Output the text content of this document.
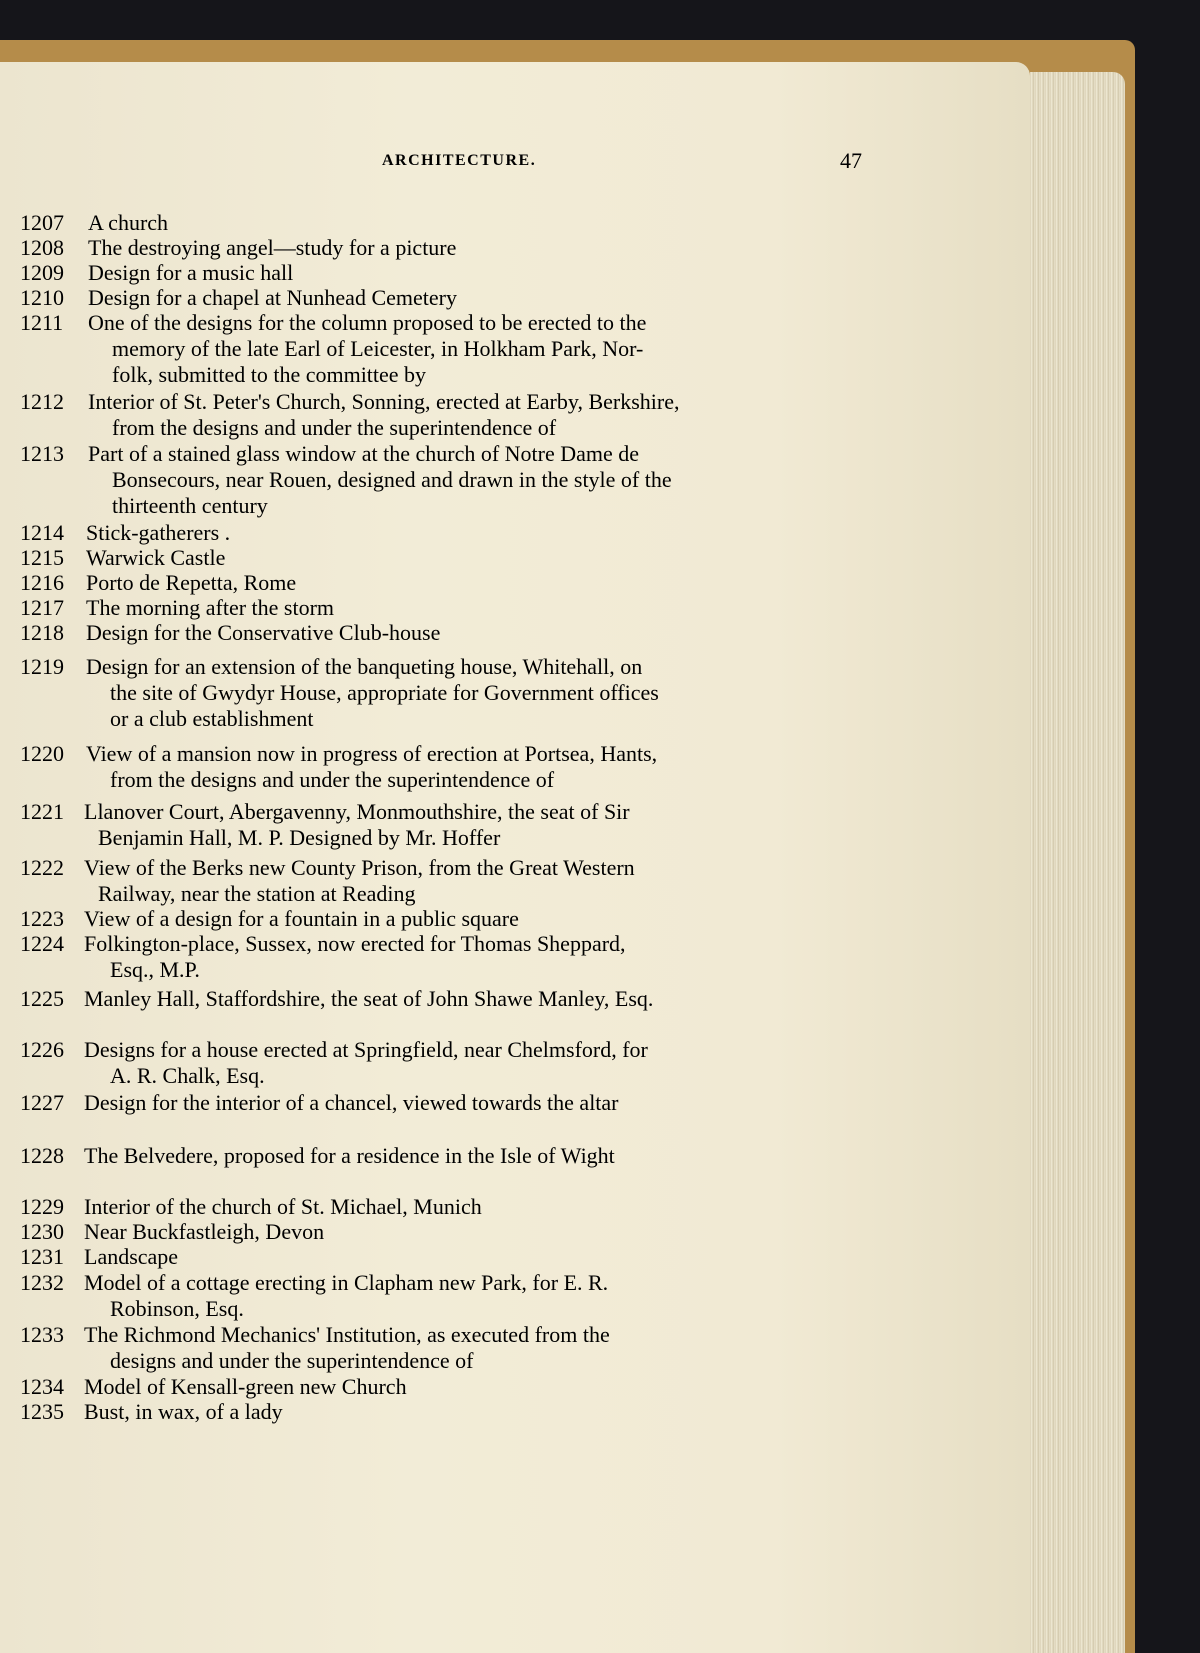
ARCHITECTURE.	47
1207 A church
1208 The destroying angel—study for a picture
1209 Design for a music hall
1210 Design for a chapel at Nunhead Cemetery
1211 One of the designs for the column proposed to be erected to the
memory of the late Earl of Leicester, in Holkham Park, Nor-
folk, submitted to the committee by
1212 Interior of St. Peter's Church, Sonning, erected at Earby, Berkshire,
from the designs and under the superintendence of
1213 Part of a stained glass window at the church of Notre Dame de
Bonsecours, near Rouen, designed and drawn in the style of the
thirteenth century
1214 Stick-gatherers .
1215 Warwick Castle
1216 Porto de Repetta, Rome
1217 The morning after the storm
1218 Design for the Conservative Club-house
1219 Design for an extension of the banqueting house, Whitehall, on
the site of Gwydyr House, appropriate for Government offices
or a club establishment
1220 View of a mansion now in progress of erection at Portsea, Hants,
from the designs and under the superintendence of
1221 Llanover Court, Abergavenny, Monmouthshire, the seat of Sir
Benjamin Hall, M. P. Designed by Mr. Hoffer
1222 View of the Berks new County Prison, from the Great Western
Railway, near the station at Reading
1223 View of a design for a fountain in a public square
1224 Folkington-place, Sussex, now erected for Thomas Sheppard,
Esq., M.P.
1225 Manley Hall, Staffordshire, the seat of John Shawe Manley, Esq.
1226 Designs for a house erected at Springfield, near Chelmsford, for
A. R. Chalk, Esq.
1227 Design for the interior of a chancel, viewed towards the altar
1228 The Belvedere, proposed for a residence in the Isle of Wight
1229 Interior of the church of St. Michael, Munich
1230 Near Buckfastleigh, Devon
1231 Landscape
1232 Model of a cottage erecting in Clapham new Park, for E. R.
Robinson, Esq.
1233 The Richmond Mechanics' Institution, as executed from the
designs and under the superintendence of
1234 Model of Kensall-green new Church
1235 Bust, in wax, of a lady
